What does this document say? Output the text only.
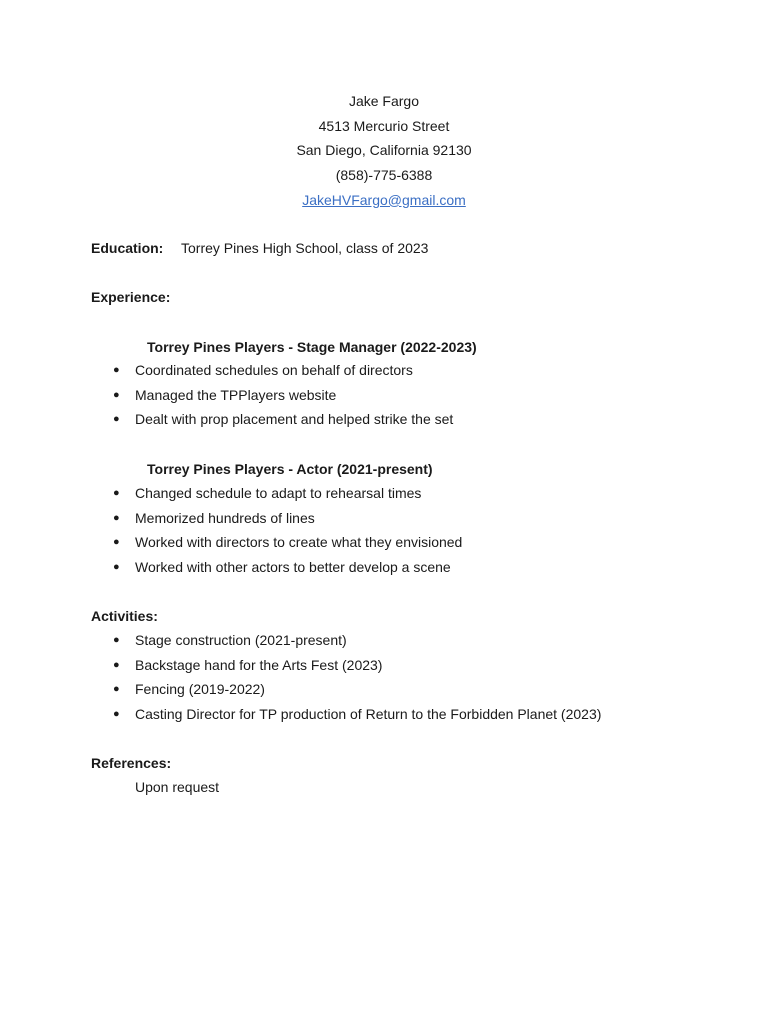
Jake Fargo
4513 Mercurio Street
San Diego, California 92130
(858)-775-6388
JakeHVFargo@gmail.com
Education: Torrey Pines High School, class of 2023
Experience:
Torrey Pines Players - Stage Manager (2022-2023)
● Coordinated schedules on behalf of directors
● Managed the TPPlayers website
● Dealt with prop placement and helped strike the set
Torrey Pines Players - Actor (2021-present)
● Changed schedule to adapt to rehearsal times
● Memorized hundreds of lines
● Worked with directors to create what they envisioned
● Worked with other actors to better develop a scene
Activities:
● Stage construction (2021-present)
● Backstage hand for the Arts Fest (2023)
● Fencing (2019-2022)
● Casting Director for TP production of Return to the Forbidden Planet (2023)
References:
Upon request
